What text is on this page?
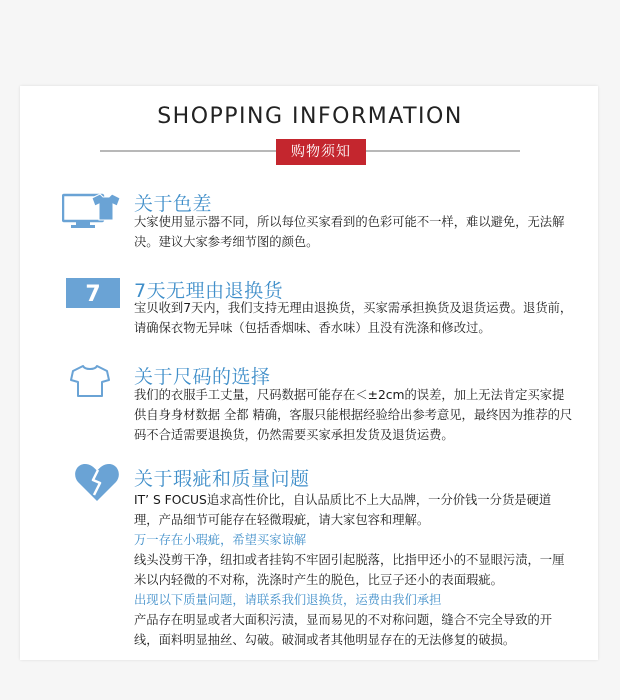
SHOPPING INFORMATION
购物须知
关于色差
大家使用显示器不同，所以每位买家看到的色彩可能不一样，难以避免，无法解决。建议大家参考细节图的颜色。
7 7天无理由退换货
宝贝收到7天内，我们支持无理由退换货，买家需承担换货及退货运费。退货前，请确保衣物无异味（包括香烟味、香水味）且没有洗涤和修改过。
关于尺码的选择
我们的衣服手工丈量，尺码数据可能存在＜±2cm的误差，加上无法肯定买家提供自身身材数据 全都 精确，客服只能根据经验给出参考意见，最终因为推荐的尺码不合适需要退换货，仍然需要买家承担发货及退货运费。
关于瑕疵和质量问题
IT’ S FOCUS追求高性价比，自认品质比不上大品牌，一分价钱一分货是硬道理，产品细节可能存在轻微瑕疵，请大家包容和理解。
万一存在小瑕疵，希望买家谅解
线头没剪干净，纽扣或者挂钩不牢固引起脱落，比指甲还小的不显眼污渍，一厘米以内轻微的不对称，洗涤时产生的脱色，比豆子还小的表面瑕疵。
出现以下质量问题，请联系我们退换货，运费由我们承担
产品存在明显或者大面积污渍，显而易见的不对称问题，缝合不完全导致的开线，面料明显抽丝、勾破。破洞或者其他明显存在的无法修复的破损。
